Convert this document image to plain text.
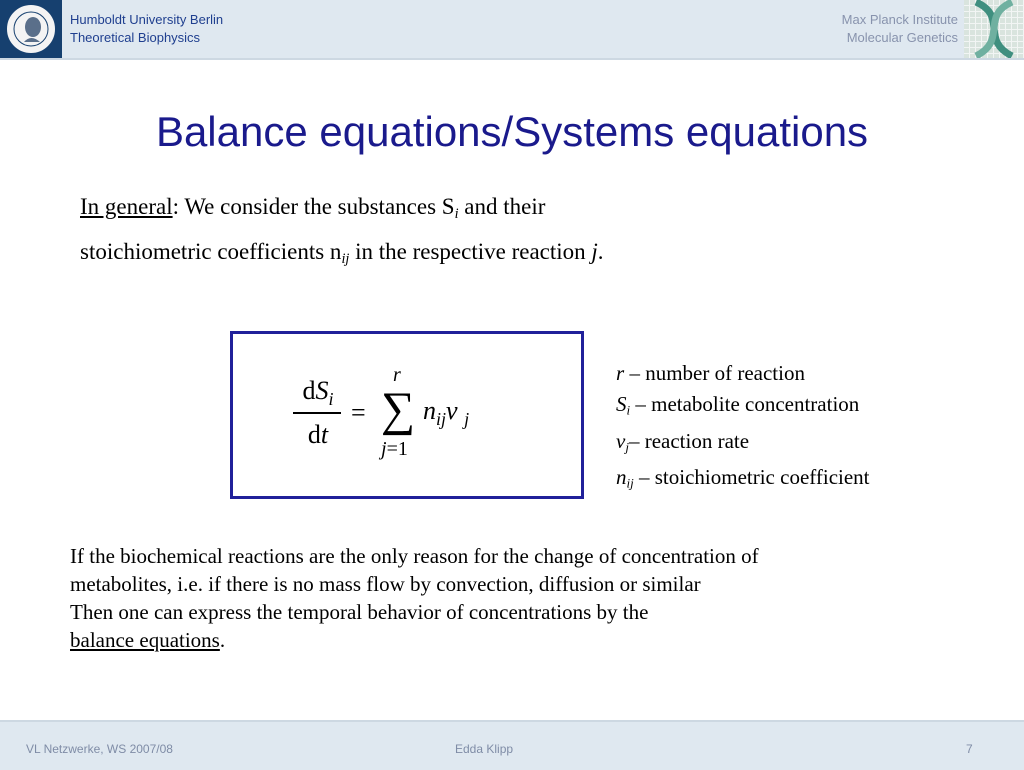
Humboldt University Berlin
Theoretical Biophysics
Max Planck Institute
Molecular Genetics
Balance equations/Systems equations
In general: We consider the substances $S_i$ and their
stoichiometric coefficients $n_{ij}$ in the respective reaction j.
$dS_i$
dt
=
r
∑
j=1
$n_{ij}v$ $_j$
r – number of reaction
$S_i$ – metabolite concentration
$v_j-$ reaction rate
$n_{ij}$ – stoichiometric coefficient
If the biochemical reactions are the only reason for the change of concentration of
metabolites, i.e. if there is no mass flow by convection, diffusion or similar
Then one can express the temporal behavior of concentrations by the
balance equations.
VL Netzwerke, WS 2007/08	Edda Klipp	7
